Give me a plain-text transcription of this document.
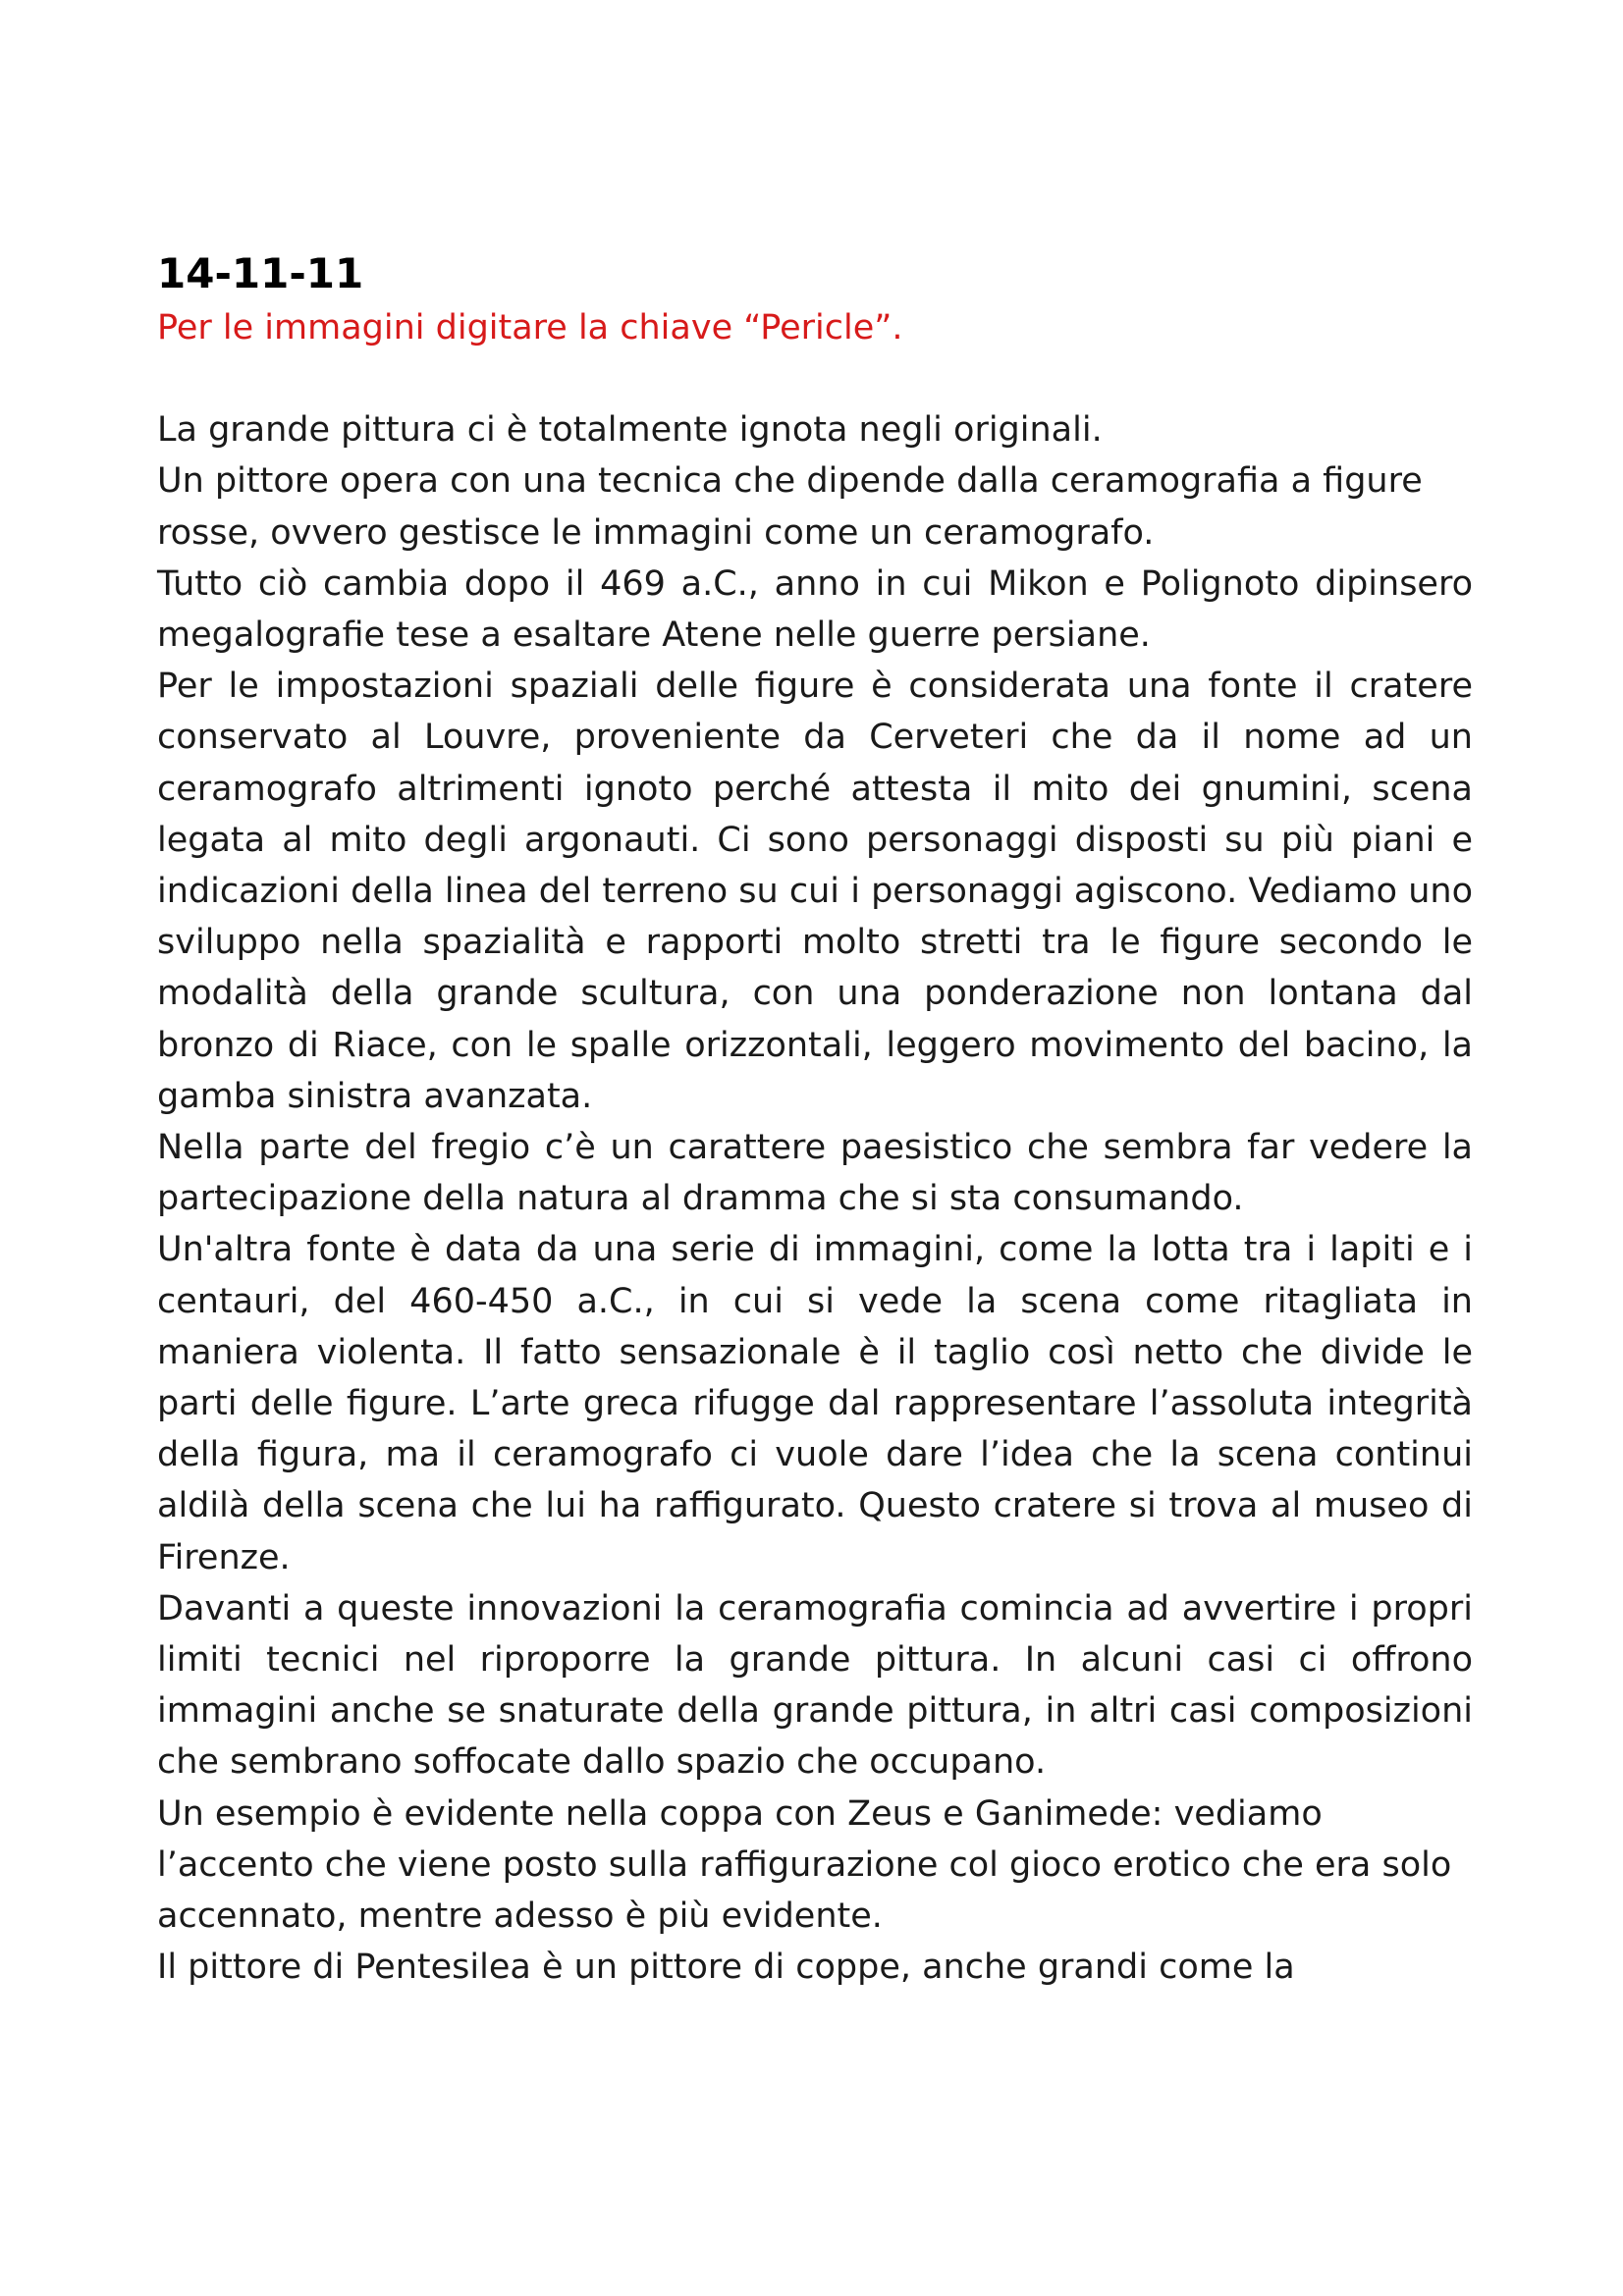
14-11-11

Per le immagini digitare la chiave “Pericle”.

La grande pittura ci è totalmente ignota negli originali.

Un pittore opera con una tecnica che dipende dalla ceramografia a figure rosse, ovvero gestisce le immagini come un ceramografo.

Tutto ciò cambia dopo il 469 a.C., anno in cui Mikon e Polignoto dipinsero megalografie tese a esaltare Atene nelle guerre persiane.

Per le impostazioni spaziali delle figure è considerata una fonte il cratere conservato al Louvre, proveniente da Cerveteri che da il nome ad un ceramografo altrimenti ignoto perché attesta il mito dei gnumini, scena legata al mito degli argonauti. Ci sono personaggi disposti su più piani e indicazioni della linea del terreno su cui i personaggi agiscono. Vediamo uno sviluppo nella spazialità e rapporti molto stretti tra le figure secondo le modalità della grande scultura, con una ponderazione non lontana dal bronzo di Riace, con le spalle orizzontali, leggero movimento del bacino, la gamba sinistra avanzata.

Nella parte del fregio c’è un carattere paesistico che sembra far vedere la partecipazione della natura al dramma che si sta consumando.

Un'altra fonte è data da una serie di immagini, come la lotta tra i lapiti e i centauri, del 460-450 a.C., in cui si vede la scena come ritagliata in maniera violenta. Il fatto sensazionale è il taglio così netto che divide le parti delle figure. L’arte greca rifugge dal rappresentare l’assoluta integrità della figura, ma il ceramografo ci vuole dare l’idea che la scena continui aldilà della scena che lui ha raffigurato. Questo cratere si trova al museo di Firenze.

Davanti a queste innovazioni la ceramografia comincia ad avvertire i propri limiti tecnici nel riproporre la grande pittura. In alcuni casi ci offrono immagini anche se snaturate della grande pittura, in altri casi composizioni che sembrano soffocate dallo spazio che occupano.

Un esempio è evidente nella coppa con Zeus e Ganimede: vediamo l’accento che viene posto sulla raffigurazione col gioco erotico che era solo accennato, mentre adesso è più evidente.

Il pittore di Pentesilea è un pittore di coppe, anche grandi come la
